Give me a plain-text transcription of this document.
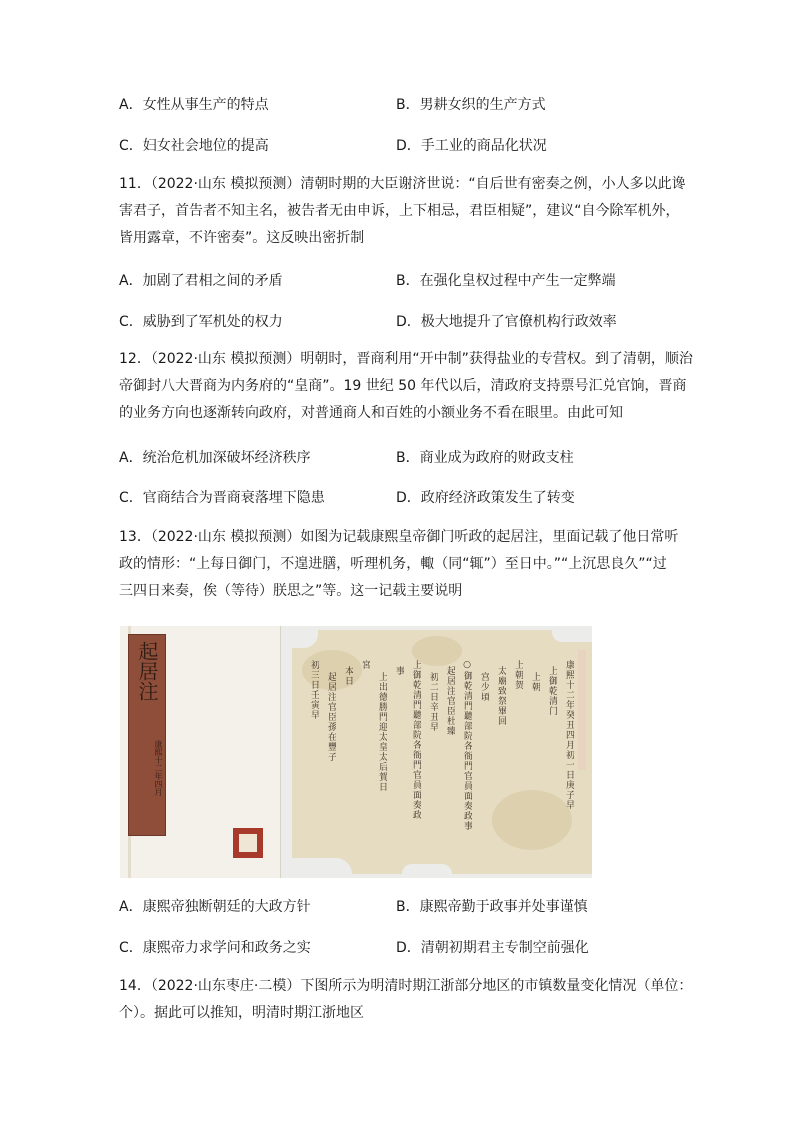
A．女性从事生产的特点	B．男耕女织的生产方式
C．妇女社会地位的提高	D．手工业的商品化状况
11．（2022·山东 模拟预测）清朝时期的大臣谢济世说：“自后世有密奏之例，小人多以此谗
害君子，首告者不知主名，被告者无由申诉，上下相忌，君臣相疑”，建议“自今除军机外，
皆用露章，不许密奏”。这反映出密折制
A．加剧了君相之间的矛盾	B．在强化皇权过程中产生一定弊端
C．威胁到了军机处的权力	D．极大地提升了官僚机构行政效率
12．（2022·山东 模拟预测）明朝时，晋商利用“开中制”获得盐业的专营权。到了清朝，顺治
帝御封八大晋商为内务府的“皇商”。19 世纪 50 年代以后，清政府支持票号汇兑官饷，晋商
的业务方向也逐渐转向政府，对普通商人和百姓的小额业务不看在眼里。由此可知
A．统治危机加深破坏经济秩序	B．商业成为政府的财政支柱
C．官商结合为晋商衰落埋下隐患	D．政府经济政策发生了转变
13．（2022·山东 模拟预测）如图为记载康熙皇帝御门听政的起居注，里面记载了他日常听
政的情形：“上每日御门，不遑进膳，听理机务，輙（同“辄”）至日中。”“上沉思良久”“过
三四日来奏，俟（等待）朕思之”等。这一记载主要说明
起居注
康熙十二年四月	康熙十二年癸丑四月初一日庚子早
上御乾清门
上朝
上朝贺
太廟致祭畢回
宫少頃
○御乾清門聽部院各衙門官員面奏政事
起居注官臣杜臻
初二日辛丑早
上御乾清門聽部院各衙門官員面奏政
事
上出德勝門迎太皇太后賀日
宮
本日
起居注官臣孫在豐子
初三日壬寅早
A．康熙帝独断朝廷的大政方针	B．康熙帝勤于政事并处事谨慎
C．康熙帝力求学问和政务之实	D．清朝初期君主专制空前强化
14．（2022·山东枣庄·二模）下图所示为明清时期江浙部分地区的市镇数量变化情况（单位：
个）。据此可以推知，明清时期江浙地区
